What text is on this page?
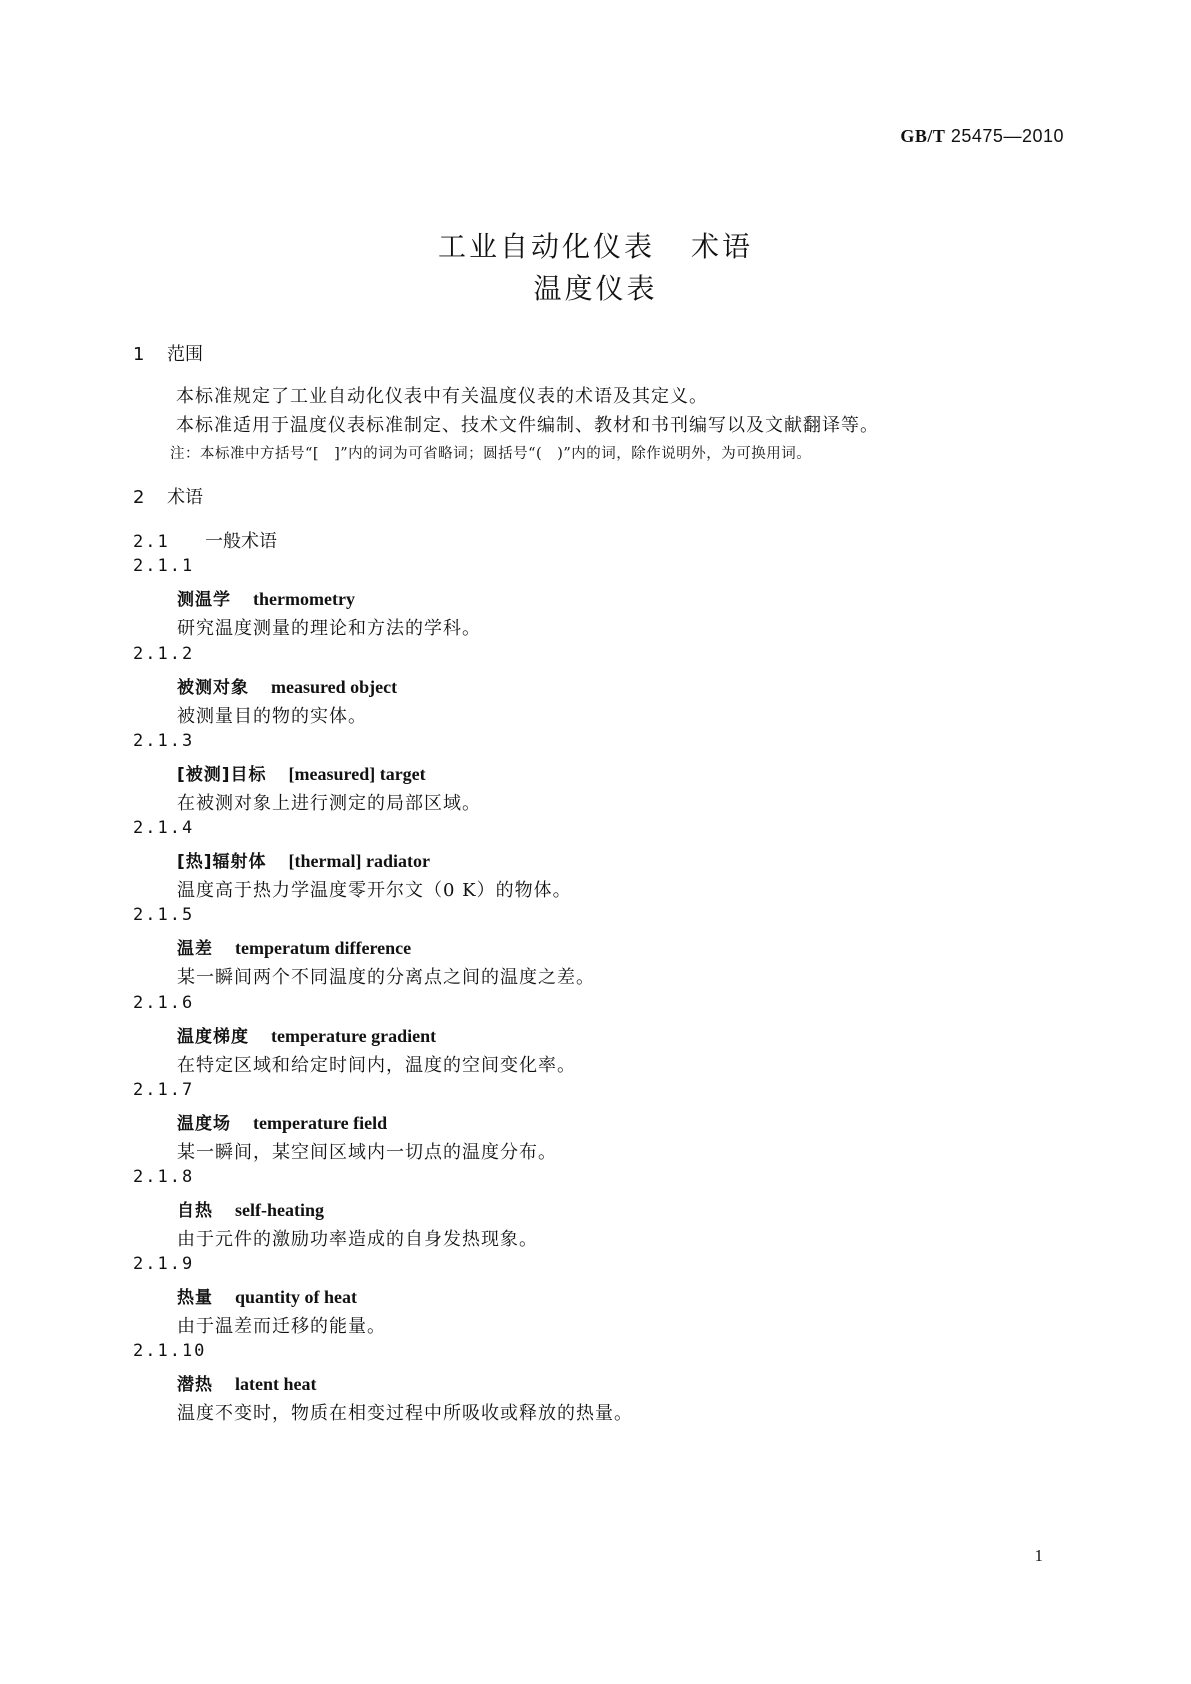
GB/T 25475—2010
工业自动化仪表 术语
温度仪表
1 范围
本标准规定了工业自动化仪表中有关温度仪表的术语及其定义。
本标准适用于温度仪表标准制定、技术文件编制、教材和书刊编写以及文献翻译等。
注：本标准中方括号“[　]”内的词为可省略词；圆括号“(　)”内的词，除作说明外，为可换用词。
2 术语
2.1 一般术语
2.1.1
测温学 thermometry
研究温度测量的理论和方法的学科。
2.1.2
被测对象 measured object
被测量目的物的实体。
2.1.3
[被测]目标 [measured] target
在被测对象上进行测定的局部区域。
2.1.4
[热]辐射体 [thermal] radiator
温度高于热力学温度零开尔文（0 K）的物体。
2.1.5
温差 temperatum difference
某一瞬间两个不同温度的分离点之间的温度之差。
2.1.6
温度梯度 temperature gradient
在特定区域和给定时间内，温度的空间变化率。
2.1.7
温度场 temperature field
某一瞬间，某空间区域内一切点的温度分布。
2.1.8
自热 self-heating
由于元件的激励功率造成的自身发热现象。
2.1.9
热量 quantity of heat
由于温差而迁移的能量。
2.1.10
潜热 latent heat
温度不变时，物质在相变过程中所吸收或释放的热量。
1
